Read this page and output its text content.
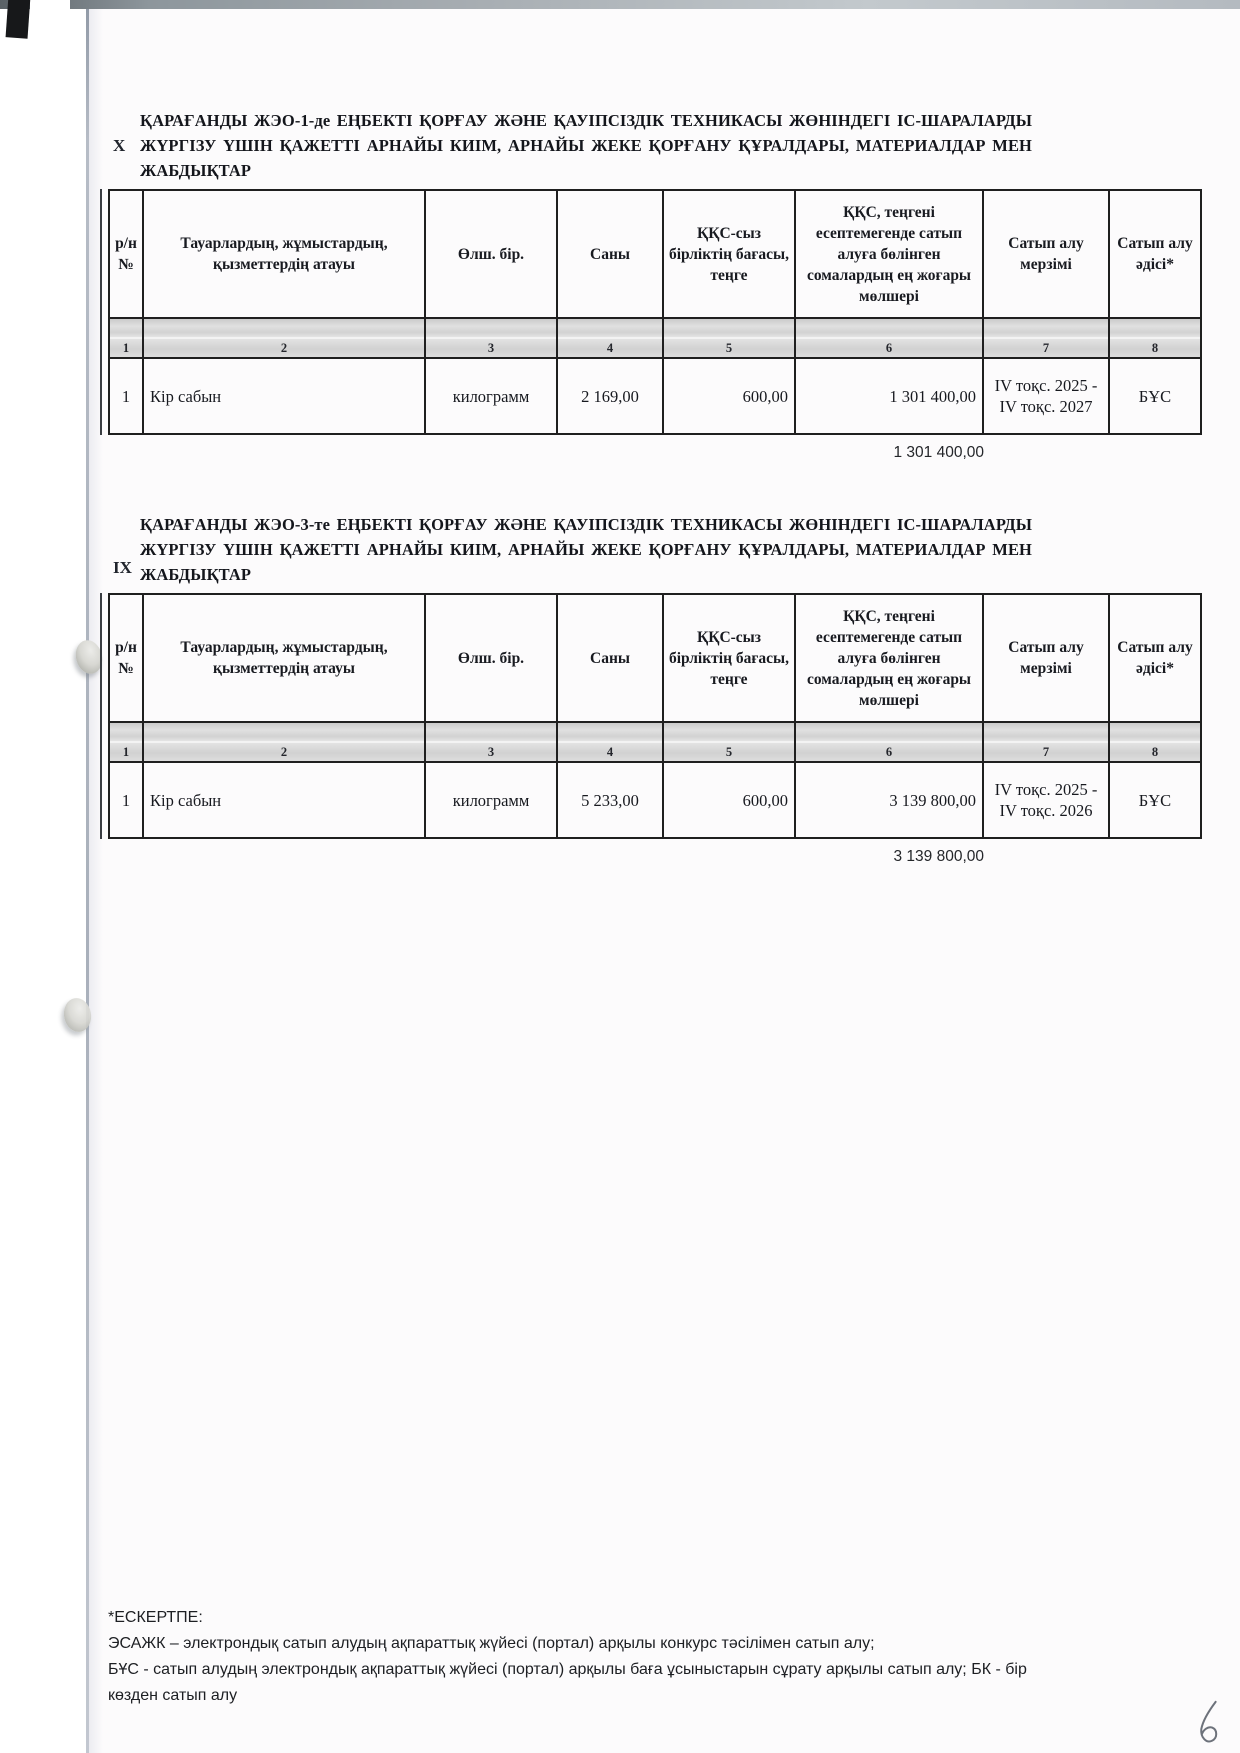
X
ҚАРАҒАНДЫ ЖЭО-1-де ЕҢБЕКТІ ҚОРҒАУ ЖӘНЕ ҚАУІПСІЗДІК ТЕХНИКАСЫ ЖӨНІНДЕГІ ІС-ШАРАЛАРДЫ ЖҮРГІЗУ ҮШІН ҚАЖЕТТІ АРНАЙЫ КИІМ, АРНАЙЫ ЖЕКЕ ҚОРҒАНУ ҚҰРАЛДАРЫ, МАТЕРИАЛДАР МЕН ЖАБДЫҚТАР
р/н №	Тауарлардың, жұмыстардың, қызметтердің атауы	Өлш. бір.	Саны	ҚҚС-сыз бірліктің бағасы, теңге	ҚҚС, теңгені есептемегенде сатып алуға бөлінген сомалардың ең жоғары мөлшері	Сатып алу мерзімі	Сатып алу әдісі*

1	2	3	4	5	6	7	8
1	Кір сабын	килограмм	2 169,00	600,00	1 301 400,00	IV тоқс. 2025 - IV тоқс. 2027	БҰС
1 301 400,00
IX
ҚАРАҒАНДЫ ЖЭО-3-те ЕҢБЕКТІ ҚОРҒАУ ЖӘНЕ ҚАУІПСІЗДІК ТЕХНИКАСЫ ЖӨНІНДЕГІ ІС-ШАРАЛАРДЫ ЖҮРГІЗУ ҮШІН ҚАЖЕТТІ АРНАЙЫ КИІМ, АРНАЙЫ ЖЕКЕ ҚОРҒАНУ ҚҰРАЛДАРЫ, МАТЕРИАЛДАР МЕН ЖАБДЫҚТАР
р/н №	Тауарлардың, жұмыстардың, қызметтердің атауы	Өлш. бір.	Саны	ҚҚС-сыз бірліктің бағасы, теңге	ҚҚС, теңгені есептемегенде сатып алуға бөлінген сомалардың ең жоғары мөлшері	Сатып алу мерзімі	Сатып алу әдісі*

1	2	3	4	5	6	7	8
1	Кір сабын	килограмм	5 233,00	600,00	3 139 800,00	IV тоқс. 2025 - IV тоқс. 2026	БҰС
3 139 800,00
*ЕСКЕРТПЕ:
ЭСАЖК – электрондық сатып алудың ақпараттық жүйесі (портал) арқылы конкурс тәсілімен сатып алу;
БҰС - сатып алудың электрондық ақпараттық жүйесі (портал) арқылы баға ұсыныстарын сұрату арқылы сатып алу; БК - бір
көзден сатып алу
